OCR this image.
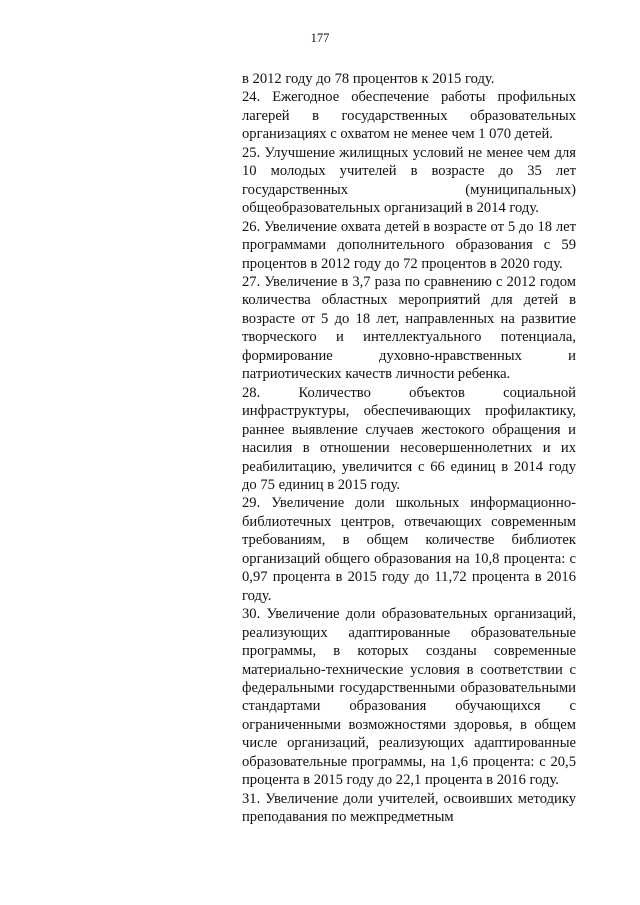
177

в 2012 году до 78 процентов к 2015 году.

24. Ежегодное обеспечение работы профильных лагерей в государственных образовательных организациях с охватом не менее чем 1 070 детей.

25. Улучшение жилищных условий не менее чем для 10 молодых учителей в возрасте до 35 лет государственных (муниципальных) общеобразовательных организаций в 2014 году.

26. Увеличение охвата детей в возрасте от 5 до 18 лет программами дополнительного образования с 59 процентов в 2012 году до 72 процентов в 2020 году.

27. Увеличение в 3,7 раза по сравнению с 2012 годом количества областных мероприятий для детей в возрасте от 5 до 18 лет, направленных на развитие творческого и интеллектуального потенциала, формирование духовно-нравственных и патриотических качеств личности ребенка.

28. Количество объектов социальной инфраструктуры, обеспечивающих профилактику, раннее выявление случаев жестокого обращения и насилия в отношении несовершеннолетних и их реабилитацию, увеличится с 66 единиц в 2014 году до 75 единиц в 2015 году.

29. Увеличение доли школьных информационно-библиотечных центров, отвечающих современным требованиям, в общем количестве библиотек организаций общего образования на 10,8 процента: с 0,97 процента в 2015 году до 11,72 процента в 2016 году.

30. Увеличение доли образовательных организаций, реализующих адаптированные образовательные программы, в которых созданы современные материально-технические условия в соответствии с федеральными государственными образовательными стандартами образования обучающихся с ограниченными возможностями здоровья, в общем числе организаций, реализующих адаптированные образовательные программы, на 1,6 процента: с 20,5 процента в 2015 году до 22,1 процента в 2016 году.

31. Увеличение доли учителей, освоивших методику преподавания по межпредметным
